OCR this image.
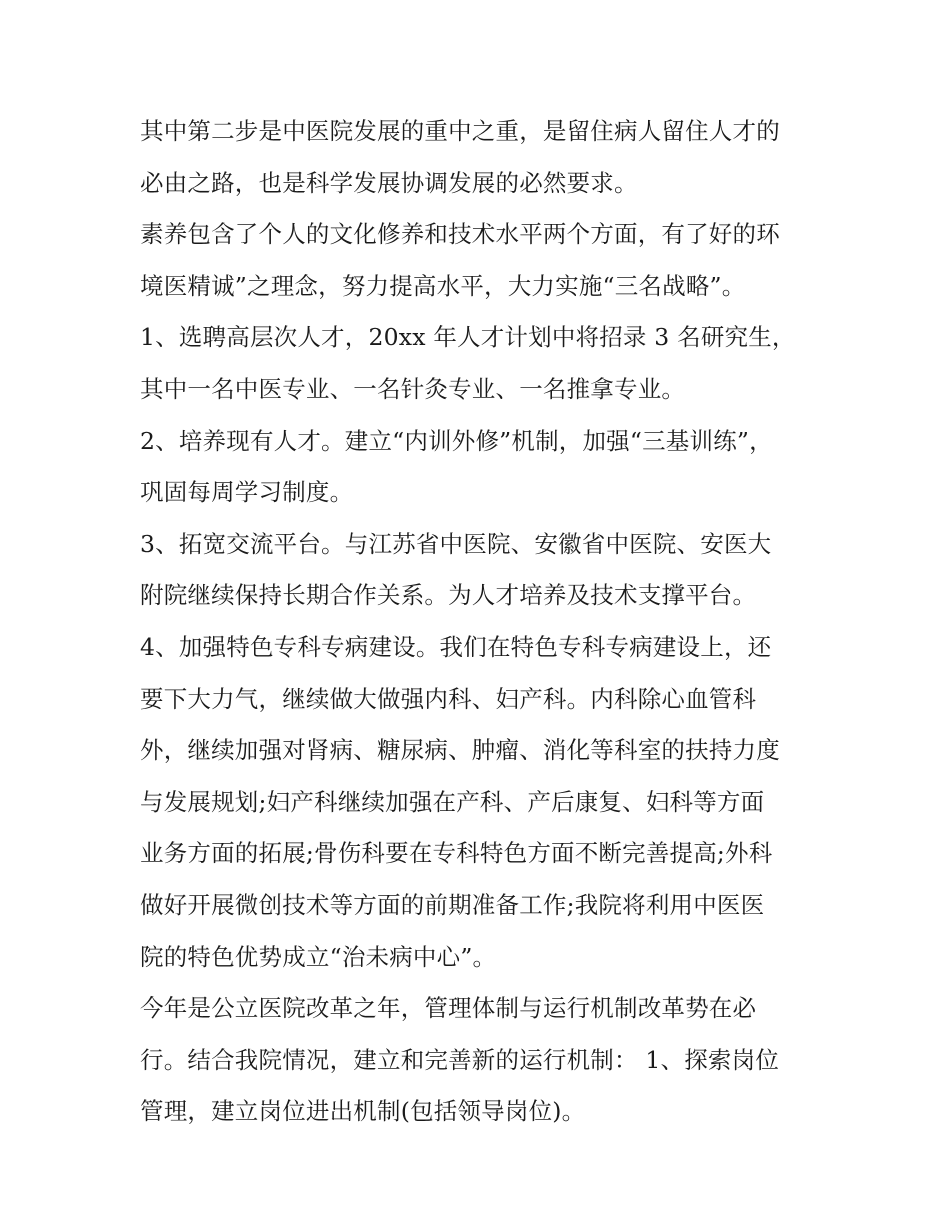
其中第二步是中医院发展的重中之重，是留住病人留住人才的
必由之路，也是科学发展协调发展的必然要求。
素养包含了个人的文化修养和技术水平两个方面，有了好的环
境医精诚”之理念，努力提高水平，大力实施“三名战略”。
1、选聘高层次人才，20xx 年人才计划中将招录 3 名研究生，
其中一名中医专业、一名针灸专业、一名推拿专业。
2、培养现有人才。建立“内训外修”机制，加强“三基训练”，
巩固每周学习制度。
3、拓宽交流平台。与江苏省中医院、安徽省中医院、安医大
附院继续保持长期合作关系。为人才培养及技术支撑平台。
4、加强特色专科专病建设。我们在特色专科专病建设上，还
要下大力气，继续做大做强内科、妇产科。内科除心血管科
外，继续加强对肾病、糖尿病、肿瘤、消化等科室的扶持力度
与发展规划;妇产科继续加强在产科、产后康复、妇科等方面
业务方面的拓展;骨伤科要在专科特色方面不断完善提高;外科
做好开展微创技术等方面的前期准备工作;我院将利用中医医
院的特色优势成立“治未病中心”。
今年是公立医院改革之年，管理体制与运行机制改革势在必
行。结合我院情况，建立和完善新的运行机制： 1、探索岗位
管理，建立岗位进出机制(包括领导岗位)。
